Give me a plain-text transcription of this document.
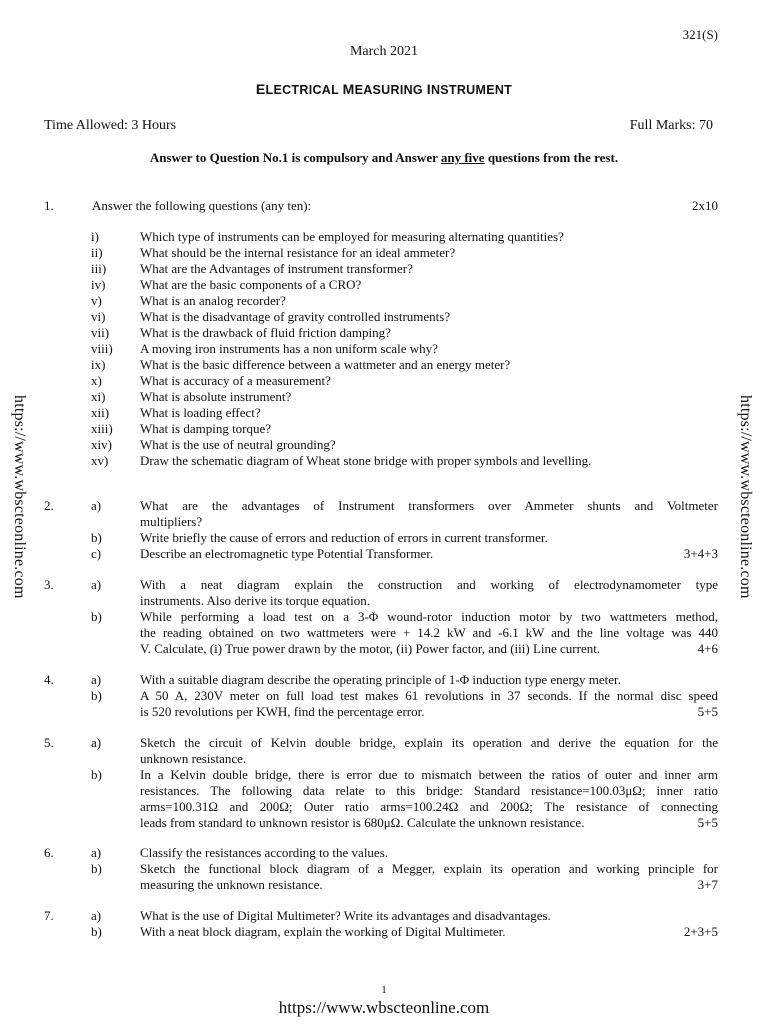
321(S)
March 2021
ELECTRICAL MEASURING INSTRUMENT
Time Allowed: 3 Hours	Full Marks: 70
Answer to Question No.1 is compulsory and Answer any five questions from the rest.
https://www.wbscteonline.com	https://www.wbscteonline.com
1.	Answer the following questions (any ten):	2x10
i)	Which type of instruments can be employed for measuring alternating quantities?
ii)	What should be the internal resistance for an ideal ammeter?
iii)	What are the Advantages of instrument transformer?
iv)	What are the basic components of a CRO?
v)	What is an analog recorder?
vi)	What is the disadvantage of gravity controlled instruments?
vii) What is the drawback of fluid friction damping?
viii) A moving iron instruments has a non uniform scale why?
ix)	What is the basic difference between a wattmeter and an energy meter?
x)	What is accuracy of a measurement?
xi)	What is absolute instrument?
xii) What is loading effect?
xiii) What is damping torque?
xiv) What is the use of neutral grounding?
xv) Draw the schematic diagram of Wheat stone bridge with proper symbols and levelling.
2.	a)	What are the advantages of Instrument transformers over Ammeter shunts and Voltmeter
multipliers?
b)	Write briefly the cause of errors and reduction of errors in current transformer.
c)	Describe an electromagnetic type Potential Transformer.	3+4+3
3.	a)	With a neat diagram explain the construction and working of electrodynamometer type
instruments. Also derive its torque equation.
b)	While performing a load test on a 3-Φ wound-rotor induction motor by two wattmeters method,
the reading obtained on two wattmeters were + 14.2 kW and -6.1 kW and the line voltage was 440
V. Calculate, (i) True power drawn by the motor, (ii) Power factor, and (iii) Line current.	4+6
4.	a)	With a suitable diagram describe the operating principle of 1-Φ induction type energy meter.
b)	A 50 A, 230V meter on full load test makes 61 revolutions in 37 seconds. If the normal disc speed
is 520 revolutions per KWH, find the percentage error.	5+5
5.	a)	Sketch the circuit of Kelvin double bridge, explain its operation and derive the equation for the
unknown resistance.
b)	In a Kelvin double bridge, there is error due to mismatch between the ratios of outer and inner arm
resistances. The following data relate to this bridge: Standard resistance=100.03μΩ; inner ratio
arms=100.31Ω and 200Ω; Outer ratio arms=100.24Ω and 200Ω; The resistance of connecting
leads from standard to unknown resistor is 680μΩ. Calculate the unknown resistance.	5+5
6.	a)	Classify the resistances according to the values.
b)	Sketch the functional block diagram of a Megger, explain its operation and working principle for
measuring the unknown resistance.	3+7
7.	a)	What is the use of Digital Multimeter? Write its advantages and disadvantages.
b)	With a neat block diagram, explain the working of Digital Multimeter.	2+3+5
1
https://www.wbscteonline.com
